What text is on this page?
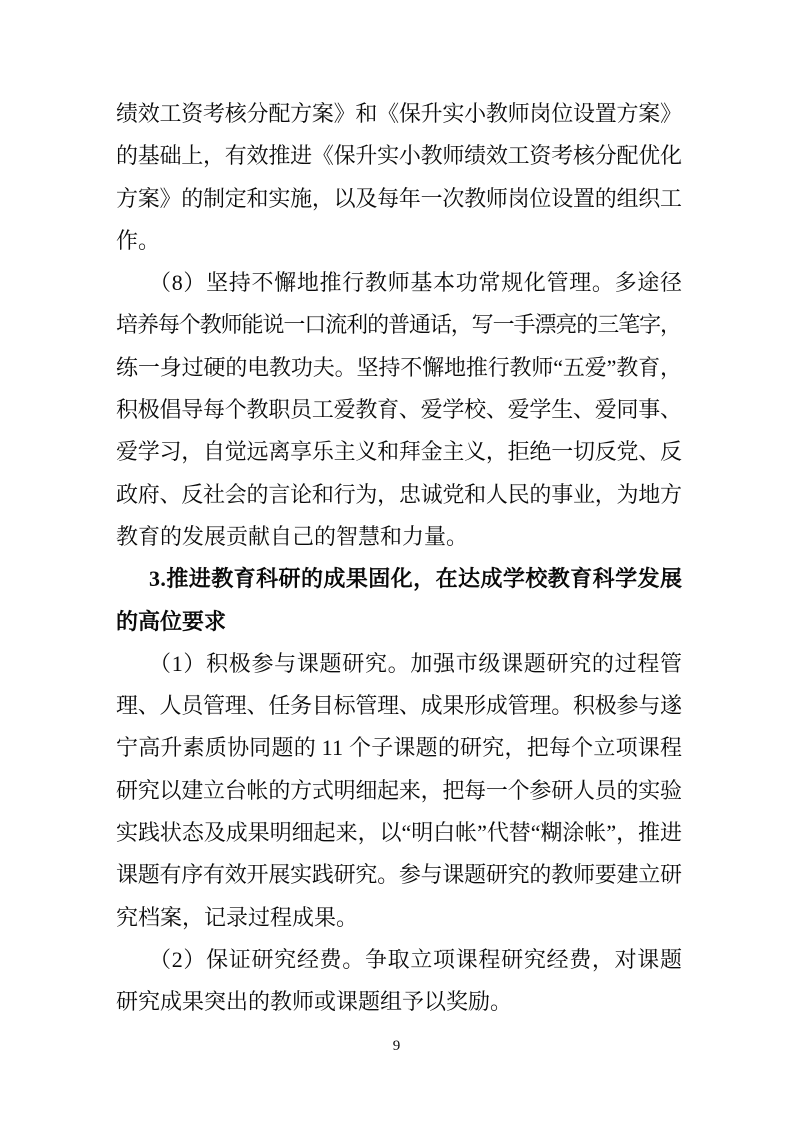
绩效工资考核分配方案》和《保升实小教师岗位设置方案》
的基础上，有效推进《保升实小教师绩效工资考核分配优化
方案》的制定和实施，以及每年一次教师岗位设置的组织工
作。
（8）坚持不懈地推行教师基本功常规化管理。多途径
培养每个教师能说一口流利的普通话，写一手漂亮的三笔字，
练一身过硬的电教功夫。坚持不懈地推行教师“五爱”教育，
积极倡导每个教职员工爱教育、爱学校、爱学生、爱同事、
爱学习，自觉远离享乐主义和拜金主义，拒绝一切反党、反
政府、反社会的言论和行为，忠诚党和人民的事业，为地方
教育的发展贡献自己的智慧和力量。
3.推进教育科研的成果固化，在达成学校教育科学发展
的高位要求
（1）积极参与课题研究。加强市级课题研究的过程管
理、人员管理、任务目标管理、成果形成管理。积极参与遂
宁高升素质协同题的 11 个子课题的研究，把每个立项课程
研究以建立台帐的方式明细起来，把每一个参研人员的实验
实践状态及成果明细起来，以“明白帐”代替“糊涂帐”，推进
课题有序有效开展实践研究。参与课题研究的教师要建立研
究档案，记录过程成果。
（2）保证研究经费。争取立项课程研究经费，对课题
研究成果突出的教师或课题组予以奖励。
9
